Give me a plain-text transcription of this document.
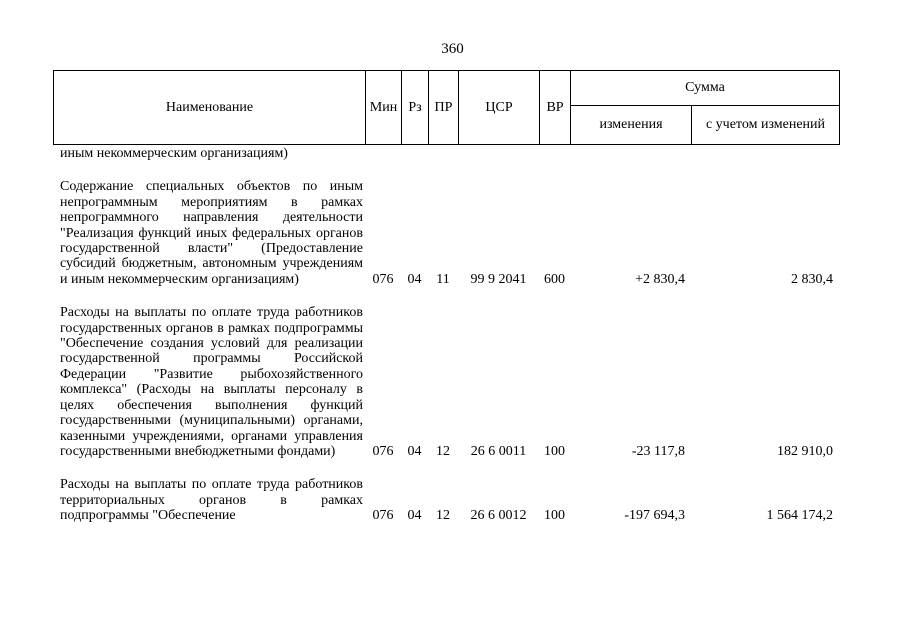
360
Наименование	Мин	Рз	ПР	ЦСР	ВР	Сумма	
						изменения	с учетом изменений
иным некоммерческим организациям)							

Содержание специальных объектов по иным непрограммным мероприятиям в рамках непрограммного направления деятельности "Реализация функций иных федеральных органов государственной власти" (Предоставление субсидий бюджетным, автономным учреждениям и иным некоммерческим организациям)	076	04	11	99 9 2041	600	+2 830,4	2 830,4

Расходы на выплаты по оплате труда работников государственных органов в рамках подпрограммы "Обеспечение создания условий для реализации государственной программы Российской Федерации "Развитие рыбохозяйственного комплекса" (Расходы на выплаты персоналу в целях обеспечения выполнения функций государственными (муниципальными) органами, казенными учреждениями, органами управления государственными внебюджетными фондами)	076	04	12	26 6 0011	100	-23 117,8	182 910,0

Расходы на выплаты по оплате труда работников территориальных органов в рамках подпрограммы "Обеспечение	076	04	12	26 6 0012	100	-197 694,3	1 564 174,2
